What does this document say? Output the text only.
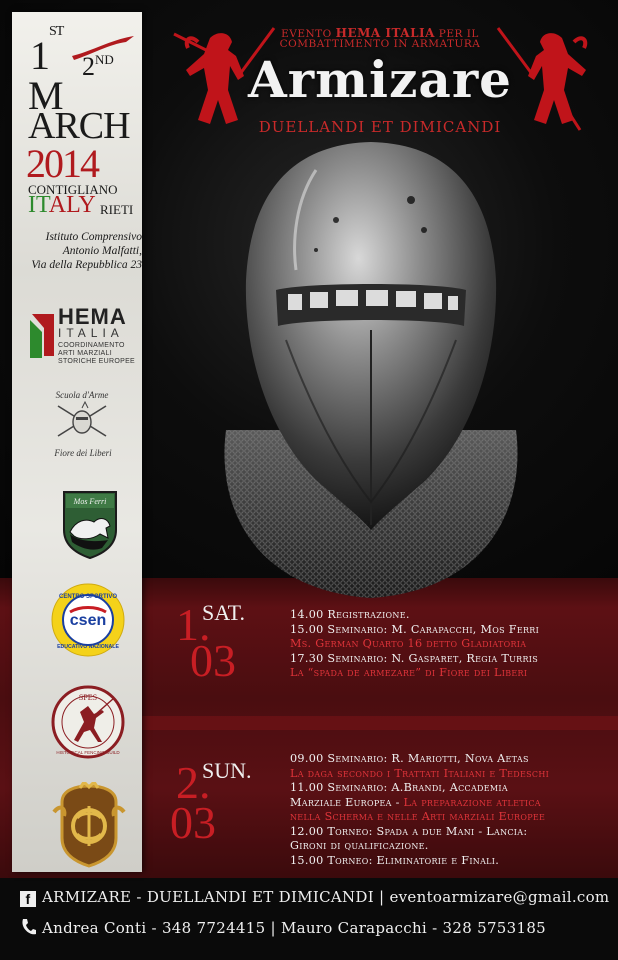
1ST
2ND
M
ARCH
2014
CONTIGLIANO
ITALY RIETI
Istituto Comprensivo
Antonio Malfatti,
Via della Repubblica 23
HEMA
ITALIA
COORDINAMENTO
ARTI MARZIALI
STORICHE EUROPEE
Scuola d'Arme
Fiore dei Liberi
Mos Ferri
CENTRO SPORTIVO
csen
EDUCATIVO NAZIONALE
SPES
HISTORICAL FENCING GUILD
EVENTO HEMA ITALIA PER IL
COMBATTIMENTO IN ARMATURA
Armizare
DUELLANDI ET DIMICANDI
1.
SAT.
03
14.00 Registrazione.
15.00 Seminario: M. Carapacchi, Mos Ferri
Ms. German Quarto 16 detto Gladiatoria
17.30 Seminario: N. Gasparet, Regia Turris
La “spada de armezare” di Fiore dei Liberi
2.
SUN.
03
09.00 Seminario: R. Mariotti, Nova Aetas
La daga secondo i Trattati Italiani e Tedeschi
11.00 Seminario: A.Brandi, Accademia
Marziale Europea - La preparazione atletica
nella Scherma e nelle Arti marziali Europee
12.00 Torneo: Spada a due Mani - Lancia:
Gironi di qualificazione.
15.00 Torneo: Eliminatorie e Finali.
f ARMIZARE - DUELLANDI ET DIMICANDI | eventoarmizare@gmail.com
Andrea Conti - 348 7724415 | Mauro Carapacchi - 328 5753185
